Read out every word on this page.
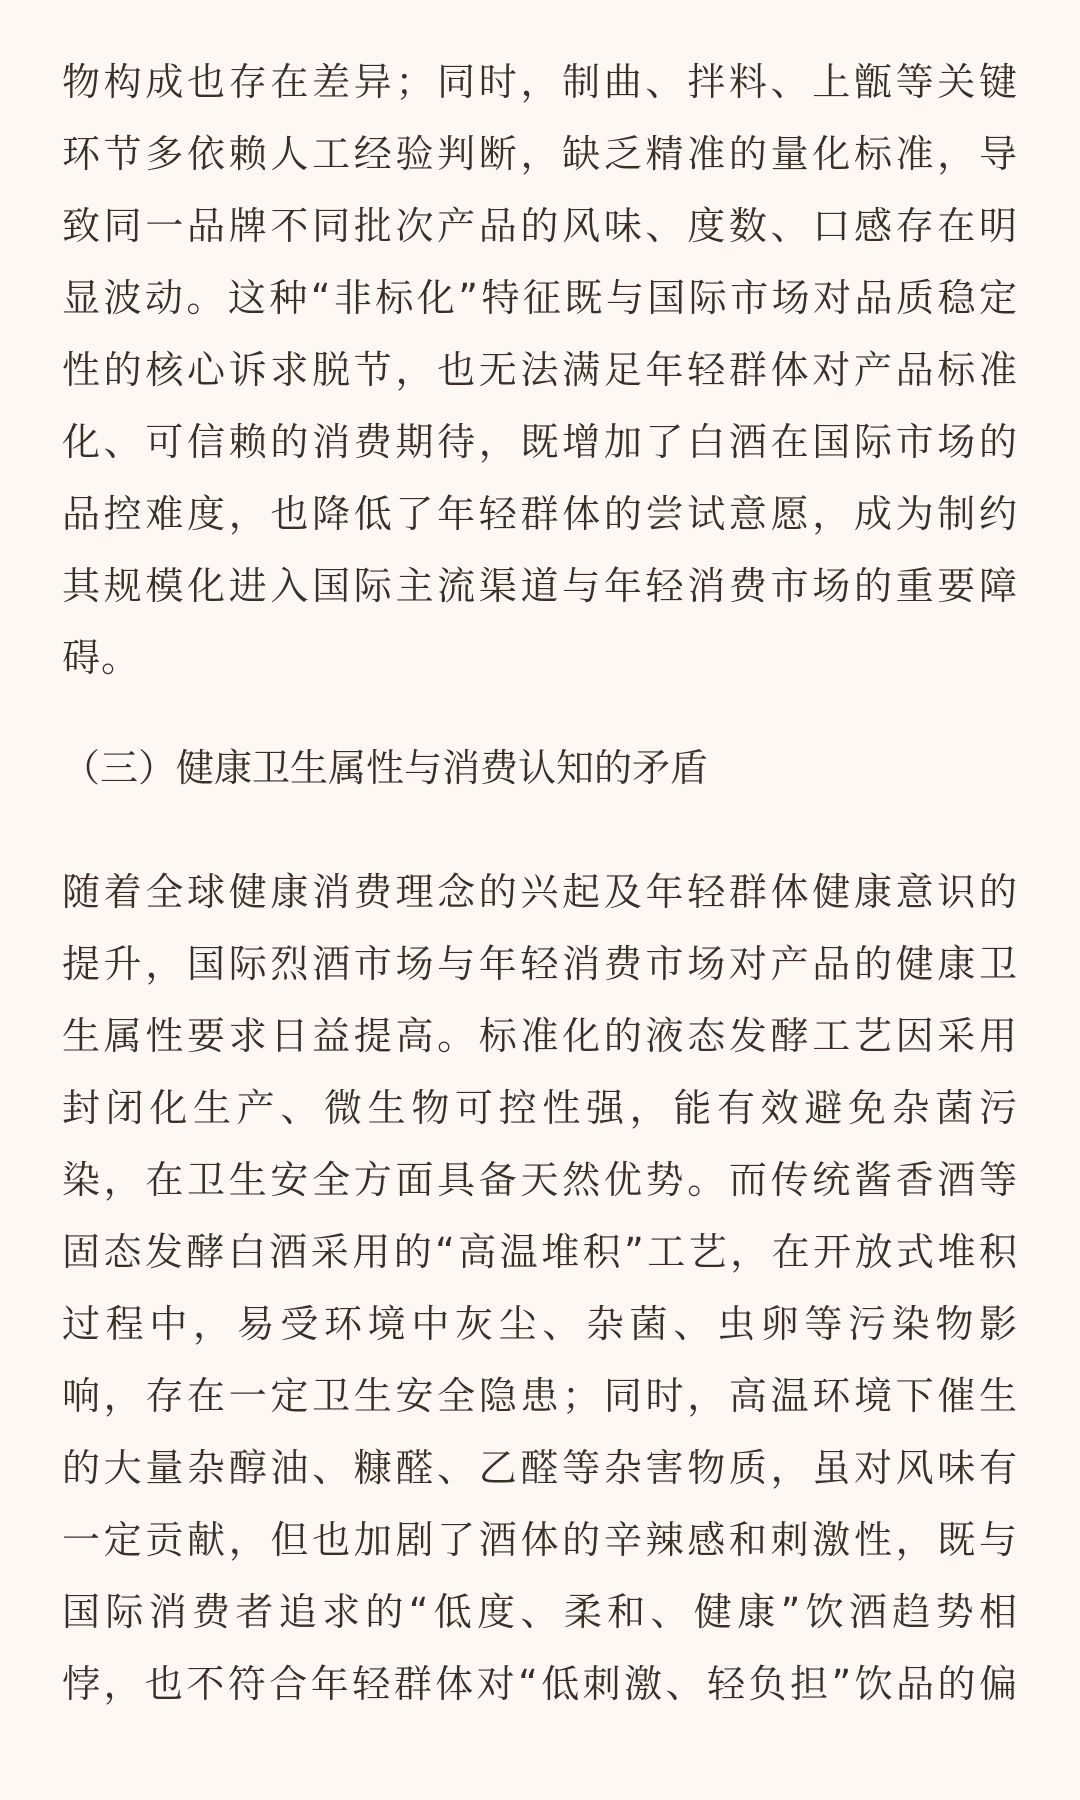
物构成也存在差异；同时，制曲、拌料、上甑等关键
环节多依赖人工经验判断，缺乏精准的量化标准，导
致同一品牌不同批次产品的风味、度数、口感存在明
显波动。这种“非标化”特征既与国际市场对品质稳定
性的核心诉求脱节，也无法满足年轻群体对产品标准
化、可信赖的消费期待，既增加了白酒在国际市场的
品控难度，也降低了年轻群体的尝试意愿，成为制约
其规模化进入国际主流渠道与年轻消费市场的重要障
碍。
（三）健康卫生属性与消费认知的矛盾
随着全球健康消费理念的兴起及年轻群体健康意识的
提升，国际烈酒市场与年轻消费市场对产品的健康卫
生属性要求日益提高。标准化的液态发酵工艺因采用
封闭化生产、微生物可控性强，能有效避免杂菌污
染，在卫生安全方面具备天然优势。而传统酱香酒等
固态发酵白酒采用的“高温堆积”工艺，在开放式堆积
过程中，易受环境中灰尘、杂菌、虫卵等污染物影
响，存在一定卫生安全隐患；同时，高温环境下催生
的大量杂醇油、糠醛、乙醛等杂害物质，虽对风味有
一定贡献，但也加剧了酒体的辛辣感和刺激性，既与
国际消费者追求的“低度、柔和、健康”饮酒趋势相
悖，也不符合年轻群体对“低刺激、轻负担”饮品的偏
